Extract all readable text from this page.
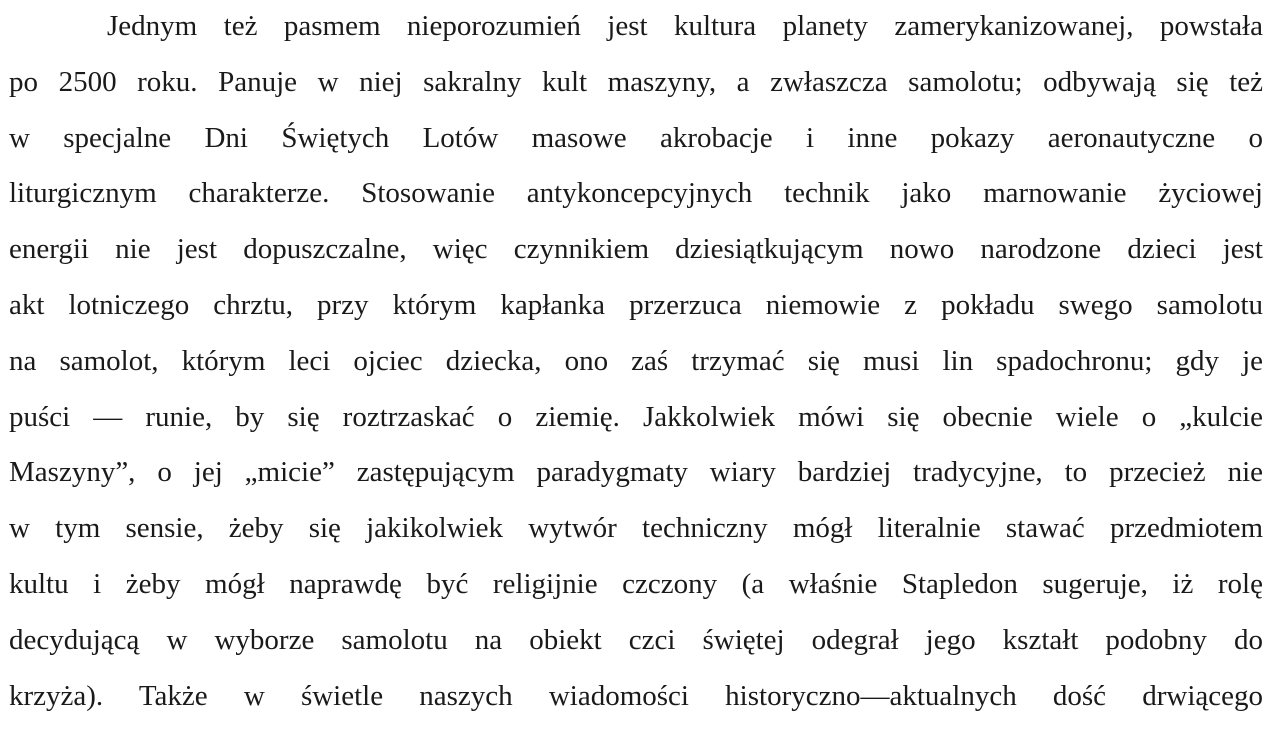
Jednym też pasmem nieporozumień jest kultura planety zamerykanizowanej, powstała
po 2500 roku. Panuje w niej sakralny kult maszyny, a zwłaszcza samolotu; odbywają się też
w specjalne Dni Świętych Lotów masowe akrobacje i inne pokazy aeronautyczne o
liturgicznym charakterze. Stosowanie antykoncepcyjnych technik jako marnowanie życiowej
energii nie jest dopuszczalne, więc czynnikiem dziesiątkującym nowo narodzone dzieci jest
akt lotniczego chrztu, przy którym kapłanka przerzuca niemowie z pokładu swego samolotu
na samolot, którym leci ojciec dziecka, ono zaś trzymać się musi lin spadochronu; gdy je
puści — runie, by się roztrzaskać o ziemię. Jakkolwiek mówi się obecnie wiele o „kulcie
Maszyny”, o jej „micie” zastępującym paradygmaty wiary bardziej tradycyjne, to przecież nie
w tym sensie, żeby się jakikolwiek wytwór techniczny mógł literalnie stawać przedmiotem
kultu i żeby mógł naprawdę być religijnie czczony (a właśnie Stapledon sugeruje, iż rolę
decydującą w wyborze samolotu na obiekt czci świętej odegrał jego kształt podobny do
krzyża). Także w świetle naszych wiadomości historyczno—aktualnych dość drwiącego
